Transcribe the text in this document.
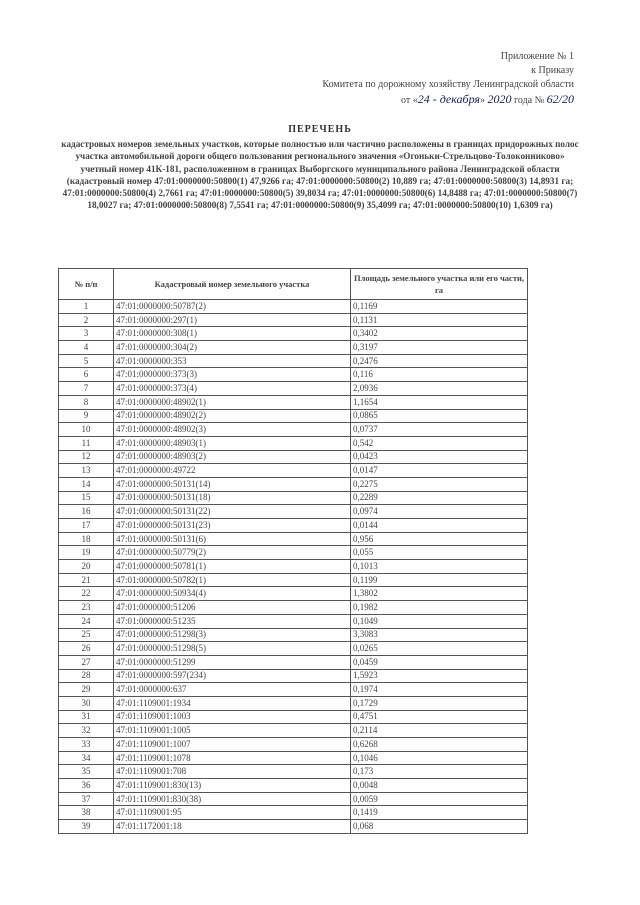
Приложение № 1
к Приказу
Комитета по дорожному хозяйству Ленинградской области
от «24 - декабря» 2020 года № 62/20
ПЕРЕЧЕНЬ
кадастровых номеров земельных участков, которые полностью или частично расположены в границах придорожных полос участка автомобильной дороги общего пользования регионального значения «Огоньки-Стрельцово-Толоконниково» учетный номер 41К-181, расположенном в границах Выборгского муниципального района Ленинградской области (кадастровый номер 47:01:0000000:50800(1) 47,9266 га; 47:01:0000000:50800(2) 10,889 га; 47:01:0000000:50800(3) 14,8931 га; 47:01:0000000:50800(4) 2,7661 га; 47:01:0000000:50800(5) 39,8034 га; 47:01:0000000:50800(6) 14,8488 га; 47:01:0000000:50800(7) 18,0027 га; 47:01:0000000:50800(8) 7,5541 га; 47:01:0000000:50800(9) 35,4099 га; 47:01:0000000:50800(10) 1,6309 га)
№ п/п	Кадастровый номер земельного участка	Площадь земельного участка или его части, га
1	47:01:0000000:50787(2)	0,1169
2	47:01:0000000:297(1)	0,1131
3	47:01:0000000:308(1)	0,3402
4	47:01:0000000:304(2)	0,3197
5	47:01:0000000:353	0,2476
6	47:01:0000000:373(3)	0,116
7	47:01:0000000:373(4)	2,0936
8	47:01:0000000:48902(1)	1,1654
9	47:01:0000000:48902(2)	0,0865
10	47:01:0000000:48902(3)	0,0737
11	47:01:0000000:48903(1)	0,542
12	47:01:0000000:48903(2)	0,0423
13	47:01:0000000:49722	0,0147
14	47:01:0000000:50131(14)	0,2275
15	47:01:0000000:50131(18)	0,2289
16	47:01:0000000:50131(22)	0,0974
17	47:01:0000000:50131(23)	0,0144
18	47:01:0000000:50131(6)	0,956
19	47:01:0000000:50779(2)	0,055
20	47:01:0000000:50781(1)	0,1013
21	47:01:0000000:50782(1)	0,1199
22	47:01:0000000:50934(4)	1,3802
23	47:01:0000000:51206	0,1982
24	47:01:0000000:51235	0,1049
25	47:01:0000000:51298(3)	3,3083
26	47:01:0000000:51298(5)	0,0265
27	47:01:0000000:51299	0,0459
28	47:01:0000000:597(234)	1,5923
29	47:01:0000000:637	0,1974
30	47:01:1109001:1934	0,1729
31	47:01:1109001:1003	0,4751
32	47:01:1109001:1005	0,2114
33	47:01:1109001:1007	0,6268
34	47:01:1109001:1078	0,1046
35	47:01:1109001:708	0,173
36	47:01:1109001:830(13)	0,0048
37	47:01:1109001:830(38)	0,0059
38	47:01:1109001:95	0,1419
39	47:01:1172001:18	0,068
